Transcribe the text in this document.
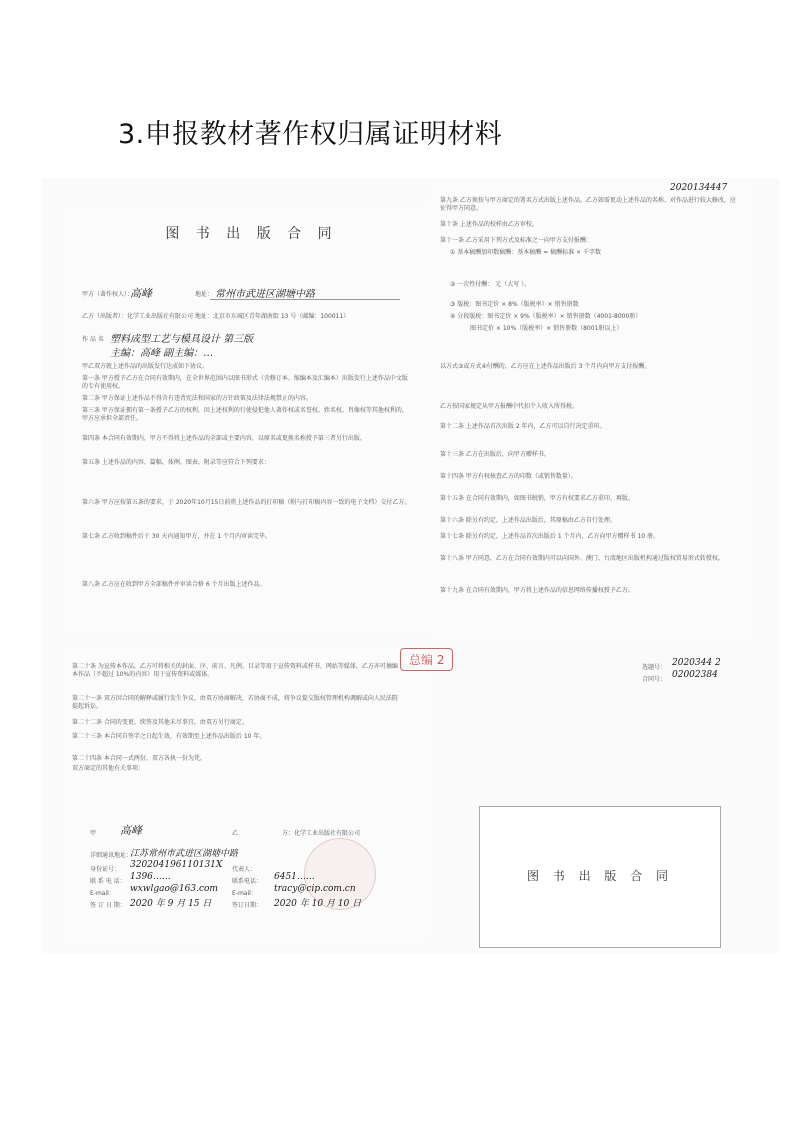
3.申报教材著作权归属证明材料
图 书 出 版 合 同
甲方（著作权人）：
高峰	地址： 常州市武进区湖塘中路
乙方（出版者）：化学工业出版社有限公司 地址：北京市东城区青年湖南街 13 号（邮编：100011）
作 品 名 塑料成型工艺与模具设计 第三版
主编：高峰 副主编：…
甲乙双方就上述作品的出版发行达成如下协议。
第一条 甲方授予乙方在合同有效期内，在全世界范围内以图书形式（含修订本、缩编本及汇编本）出版发行上述作品中文版的专有使用权。
第二条 甲方保证上述作品不得含有违背宪法和国家的方针政策及法律法规禁止的内容。
第三条 甲方保证拥有第一条授予乙方的权利，因上述权利的行使侵犯他人著作权或名誉权、姓名权、肖像权等其他权利的，甲方应承担全部责任。
第四条 本合同有效期内，甲方不得将上述作品的全部或主要内容，以原名或更换名称授予第三者另行出版。
第五条 上述作品的内容、篇幅、体例、图表、附录等应符合下列要求：
第六条 甲方应按第五条的要求，于 2020年10月15日前将上述作品的打印稿（附与打印稿内容一致的电子文档）交付乙方。
第七条 乙方收到稿件后于 30 天内通知甲方，并在 1 个月内审读完毕。
第八条 乙方应在收到甲方全部稿件并审读合格 6 个月出版上述作品。
2020134447
第九条 乙方须按与甲方商定的署名方式出版上述作品。乙方如需更动上述作品的名称、对作品进行较大修改，应征得甲方同意。
第十条 上述作品的校样由乙方审校。
第十一条 乙方采用下列方式及标准之一向甲方支付报酬：
① 基本稿酬加印数稿酬：基本稿酬 = 稿酬标准 × 千字数
② 一次性付酬： 元（大写 ）。
③ 版税：图书定价 × 8%（版税率）× 销售册数
④ 分段版税：图书定价 × 9%（版税率）× 销售册数（4001-8000册）
图书定价 × 10%（版税率）× 销售册数（8001册以上）
以方式③或方式④付酬的，乙方应在上述作品出版后 3 个月内向甲方支付报酬。
乙方按国家规定从甲方报酬中代扣个人收入所得税。
第十二条 上述作品首次出版 2 年内，乙方可以自行决定重印。
第十三条 乙方在出版后，向甲方赠样书。
第十四条 甲方有权核查乙方的印数（或销售数量）。
第十五条 在合同有效期内，如图书脱销，甲方有权要求乙方重印、再版。
第十六条 除另有约定，上述作品出版后，其原稿由乙方自行处理。
第十七条 除另有约定，上述作品首次出版后 1 个月内，乙方向甲方赠样书 10 册。
第十八条 甲方同意，乙方在合同有效期内可以向国外、澳门、台湾地区出版机构通过版权贸易形式转授权。
第十九条 在合同有效期内，甲方将上述作品的信息网络传播权授予乙方。
第二十条 为宣传本作品，乙方可将相关的封面、序、前言、凡例、目录等用于宣传资料或样书、网站等媒体，乙方亦可摘编本作品（不超过 10%的内容）用于宣传资料或媒体。
第二十一条 双方因合同的解释或履行发生争议，由双方协商解决，若协商不成，将争议提交版权管理机构调解或向人民法院提起诉讼。
第二十二条 合同的变更、续签及其他未尽事宜，由双方另行商定。
第二十三条 本合同自签字之日起生效，有效期至上述作品出版后 10 年。
第二十四条 本合同一式两份，双方各执一份为凭。
双方商定的其他有关事项：
总编 2
选题号： 2020344 2
合同号： 02002384
甲 高峰	乙	方：化学工业出版社有限公司
详细通讯地址：
江苏常州市武进区湖塘中路
身份证号： 320204196110131X
联 系 电 话： 1396……
E-mail： wxwlgao@163.com
签 订 日 期： 2020 年 9 月 15 日
代表人：
联系电话： 6451……
E-mail： tracy@cip.com.cn
签订日期： 2020 年 10 月 10 日
图 书 出 版 合 同
